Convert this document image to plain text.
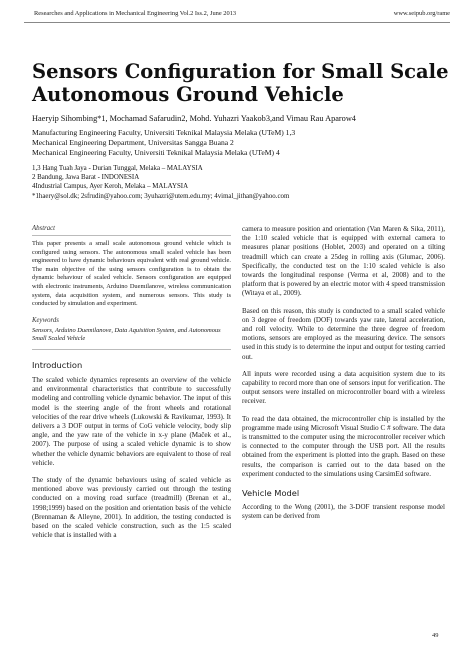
Researches and Applications in Mechanical Engineering Vol.2 Iss.2, June 2013	www.seipub.org/rame
Sensors Configuration for Small Scale
Autonomous Ground Vehicle
Haeryip Sihombing*1, Mochamad Safarudin2, Mohd. Yuhazri Yaakob3,and Vimau Rau Aparow4
Manufacturing Engineering Faculty, Universiti Teknikal Malaysia Melaka (UTeM) 1,3
Mechanical Engineering Department, Universitas Sangga Buana 2
Mechanical Engineering Faculty, Universiti Teknikal Malaysia Melaka (UTeM) 4
1,3 Hang Tuah Jaya - Durian Tunggal, Melaka – MALAYSIA
2 Bandung, Jawa Barat - INDONESIA
4Industrial Campus, Ayer Keroh, Melaka – MALAYSIA
*1haery@sol.dk; 2sfrudin@yahoo.com; 3yuhazri@utem.edu.my; 4vimal_jithan@yahoo.com
Abstract
This paper presents a small scale autonomous ground vehicle which is configured using sensors. The autonomous small scaled vehicle has been engineered to have dynamic behaviours equivalent with real ground vehicle. The main objective of the using sensors configuration is to obtain the dynamic behaviour of scaled vehicle. Sensors configuration are equipped with electronic instruments, Arduino Duemilanove, wireless communication system, data acquisition system, and numerous sensors. This study is conducted by simulation and experiment.
Keywords
Sensors, Arduino Duemilanove, Data Aquisition System, and Autonomous Small Scaled Vehicle
Introduction
The scaled vehicle dynamics represents an overview of the vehicle and environmental characteristics that contribute to successfully modeling and controlling vehicle dynamic behavior. The input of this model is the steering angle of the front wheels and rotational velocities of the rear drive wheels (Lukowski & Ravikumar, 1993). It delivers a 3 DOF output in terms of CoG vehicle velocity, body slip angle, and the yaw rate of the vehicle in x-y plane (Maček et al., 2007). The purpose of using a scaled vehicle dynamic is to show whether the vehicle dynamic behaviors are equivalent to those of real vehicle.
The study of the dynamic behaviours using of scaled vehicle as mentioned above was previously carried out through the testing conducted on a moving road surface (treadmill) (Brenan et al., 1998;1999) based on the position and orientation basis of the vehicle (Brennaman & Alleyne, 2001). In addition, the testing conducted is based on the scaled vehicle construction, such as the 1:5 scaled vehicle that is installed with a
camera to measure position and orientation (Van Maren & Sika, 2011), the 1:10 scaled vehicle that is equipped with external camera to measures planar positions (Hoblet, 2003) and operated on a tilting treadmill which can create a 25deg in rolling axis (Glumac, 2006). Specifically, the conducted test on the 1:10 scaled vehicle is also towards the longitudinal response (Verma et al, 2008) and to the platform that is powered by an electric motor with 4 speed transmission (Witaya et al., 2009).
Based on this reason, this study is conducted to a small scaled vehicle on 3 degree of freedom (DOF) towards yaw rate, lateral acceleration, and roll velocity. While to determine the three degree of freedom motions, sensors are employed as the measuring device. The sensors used in this study is to determine the input and output for testing carried out.
All inputs were recorded using a data acquisition system due to its capability to record more than one of sensors input for verification. The output sensors were installed on microcontroller board with a wireless receiver.
To read the data obtained, the microcontroller chip is installed by the programme made using Microsoft Visual Studio C # software. The data is transmitted to the computer using the microcontroller receiver which is connected to the computer through the USB port. All the results obtained from the experiment is plotted into the graph. Based on these results, the comparison is carried out to the data based on the experiment conducted to the simulations using CarsimEd software.
Vehicle Model
According to the Wong (2001), the 3-DOF transient response model system can be derived from
49
